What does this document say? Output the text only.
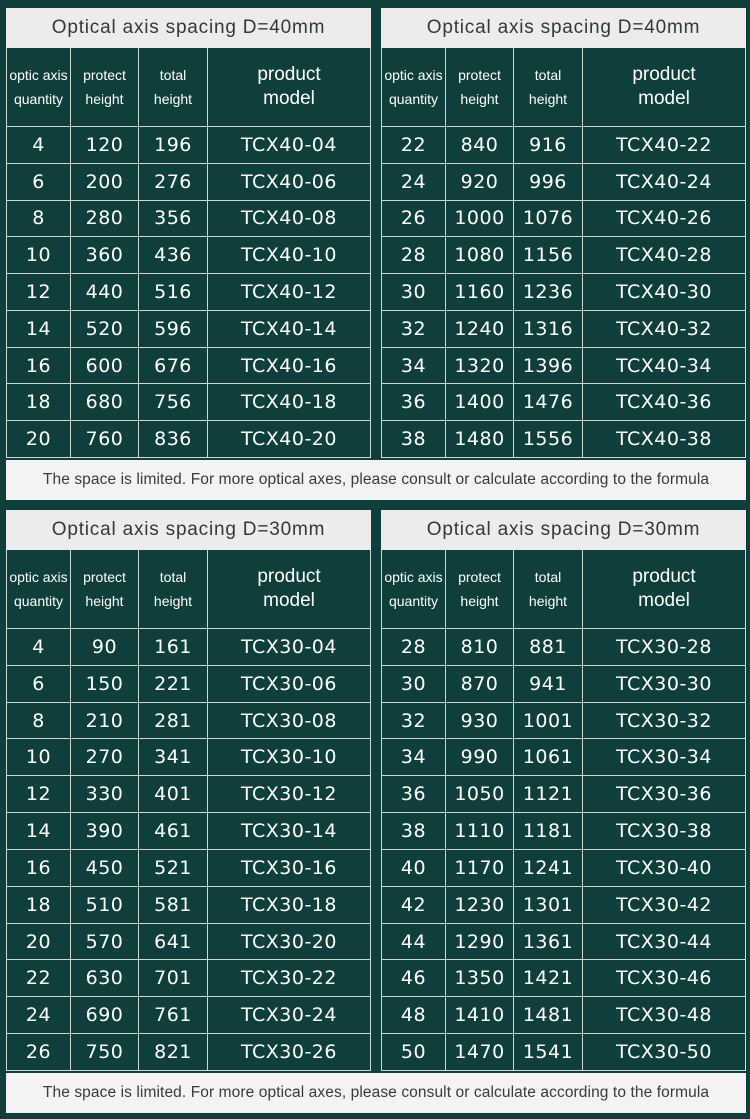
Optical axis spacing D=40mm
optic axis
quantity
protect
height
total
height
product
model
4	120	196	TCX40-04
6	200	276	TCX40-06
8	280	356	TCX40-08
10	360	436	TCX40-10
12	440	516	TCX40-12
14	520	596	TCX40-14
16	600	676	TCX40-16
18	680	756	TCX40-18
20	760	836	TCX40-20
Optical axis spacing D=40mm
optic axis
quantity
protect
height
total
height
product
model
22	840	916	TCX40-22
24	920	996	TCX40-24
26	1000 1076	TCX40-26
28	1080 1156	TCX40-28
30	1160 1236	TCX40-30
32	1240 1316	TCX40-32
34	1320 1396	TCX40-34
36	1400 1476	TCX40-36
38	1480 1556	TCX40-38
The space is limited. For more optical axes, please consult or calculate according to the formula
Optical axis spacing D=30mm
optic axis
quantity
protect
height
total
height
product
model
4	90	161	TCX30-04
6	150	221	TCX30-06
8	210	281	TCX30-08
10	270	341	TCX30-10
12	330	401	TCX30-12
14	390	461	TCX30-14
16	450	521	TCX30-16
18	510	581	TCX30-18
20	570	641	TCX30-20
22	630	701	TCX30-22
24	690	761	TCX30-24
26	750	821	TCX30-26
Optical axis spacing D=30mm
optic axis
quantity
protect
height
total
height
product
model
28	810	881	TCX30-28
30	870	941	TCX30-30
32	930	1001	TCX30-32
34	990	1061	TCX30-34
36	1050 1121	TCX30-36
38	1110 1181	TCX30-38
40	1170 1241	TCX30-40
42	1230 1301	TCX30-42
44	1290 1361	TCX30-44
46	1350 1421	TCX30-46
48	1410 1481	TCX30-48
50	1470 1541	TCX30-50
The space is limited. For more optical axes, please consult or calculate according to the formula
